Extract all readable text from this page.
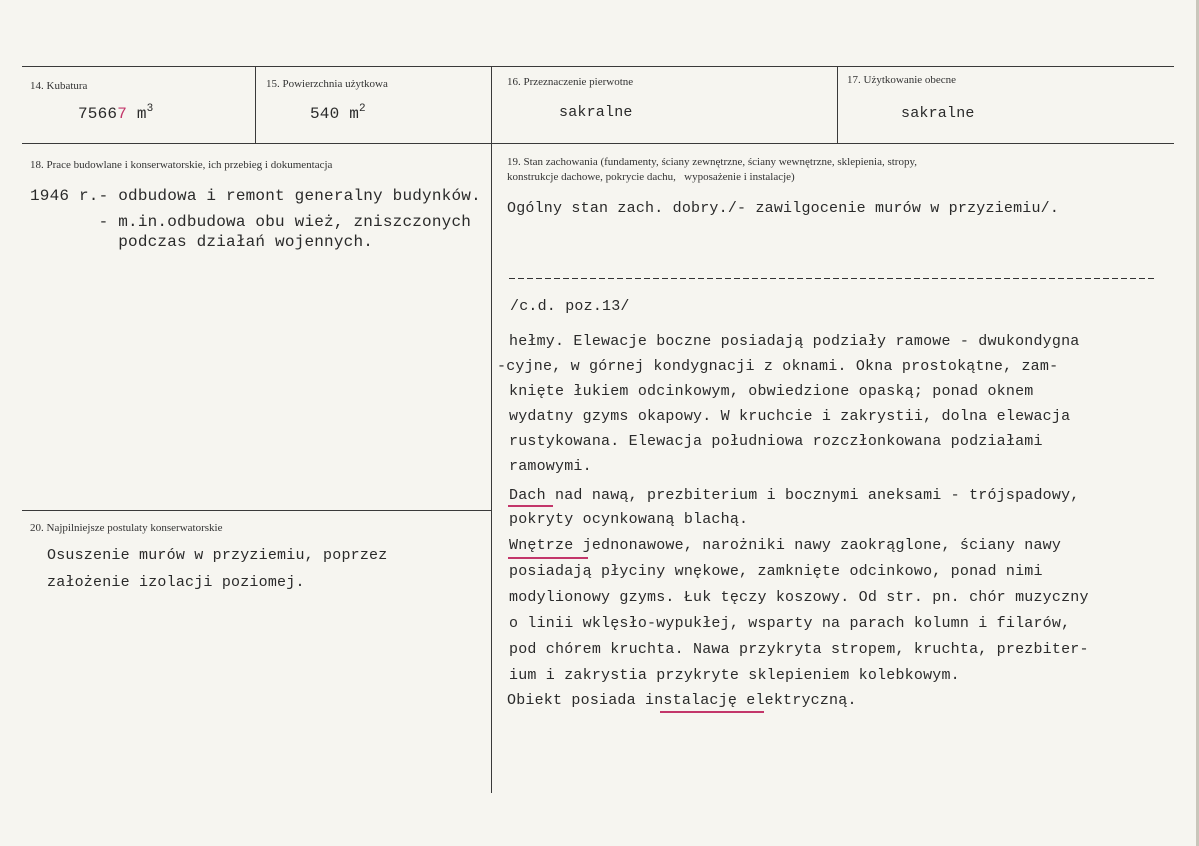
14. Kubatura
75667 $m^3$
15. Powierzchnia użytkowa
540 $m^2$
16. Przeznaczenie pierwotne
sakralne
17. Użytkowanie obecne
sakralne
18. Prace budowlane i konserwatorskie, ich przebieg i dokumentacja
1946 r.- odbudowa i remont generalny budynków.
- m.in.odbudowa obu wież, zniszczonych
podczas działań wojennych.
19. Stan zachowania (fundamenty, ściany zewnętrzne, ściany wewnętrzne, sklepienia, stropy,
konstrukcje dachowe, pokrycie dachu,   wyposażenie i instalacje)
Ogólny stan zach. dobry./- zawilgocenie murów w przyziemiu/.
/c.d. poz.13/
hełmy. Elewacje boczne posiadają podziały ramowe - dwukondygna
-cyjne, w górnej kondygnacji z oknami. Okna prostokątne, zam-
knięte łukiem odcinkowym, obwiedzione opaską; ponad oknem
wydatny gzyms okapowy. W kruchcie i zakrystii, dolna elewacja
rustykowana. Elewacja południowa rozczłonkowana podziałami
ramowymi.
Dach nad nawą, prezbiterium i bocznymi aneksami - trójspadowy,
pokryty ocynkowaną blachą.
Wnętrze jednonawowe, narożniki nawy zaokrąglone, ściany nawy
posiadają płyciny wnękowe, zamknięte odcinkowo, ponad nimi
modylionowy gzyms. Łuk tęczy koszowy. Od str. pn. chór muzyczny
o linii wklęsło-wypukłej, wsparty na parach kolumn i filarów,
pod chórem kruchta. Nawa przykryta stropem, kruchta, prezbiter-
ium i zakrystia przykryte sklepieniem kolebkowym.
Obiekt posiada instalację elektryczną.
20. Najpilniejsze postulaty konserwatorskie
Osuszenie murów w przyziemiu, poprzez
założenie izolacji poziomej.
